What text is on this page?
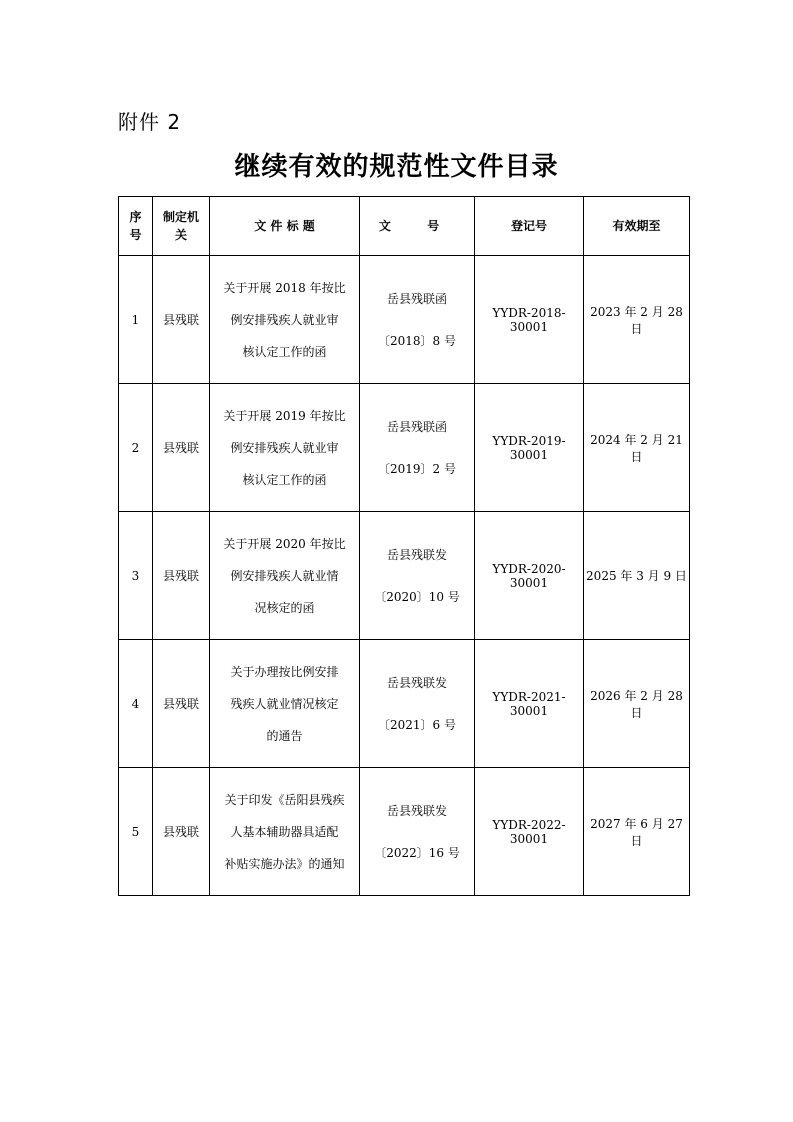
附件 2
继续有效的规范性文件目录
序号	制定机关	文 件 标 题	文 号	登记号	有效期至
1	县残联	关于开展 2018 年按比
例安排残疾人就业审
核认定工作的函	岳县残联函
〔2018〕8 号	YYDR-2018-30001	2023 年 2 月 28 日
2	县残联	关于开展 2019 年按比
例安排残疾人就业审
核认定工作的函	岳县残联函
〔2019〕2 号	YYDR-2019-30001	2024 年 2 月 21 日
3	县残联	关于开展 2020 年按比
例安排残疾人就业情
况核定的函	岳县残联发
〔2020〕10 号	YYDR-2020-30001	2025 年 3 月 9 日
4	县残联	关于办理按比例安排
残疾人就业情况核定
的通告	岳县残联发
〔2021〕6 号	YYDR-2021-30001	2026 年 2 月 28 日
5	县残联	关于印发《岳阳县残疾
人基本辅助器具适配
补贴实施办法》的通知	岳县残联发
〔2022〕16 号	YYDR-2022-30001	2027 年 6 月 27 日
